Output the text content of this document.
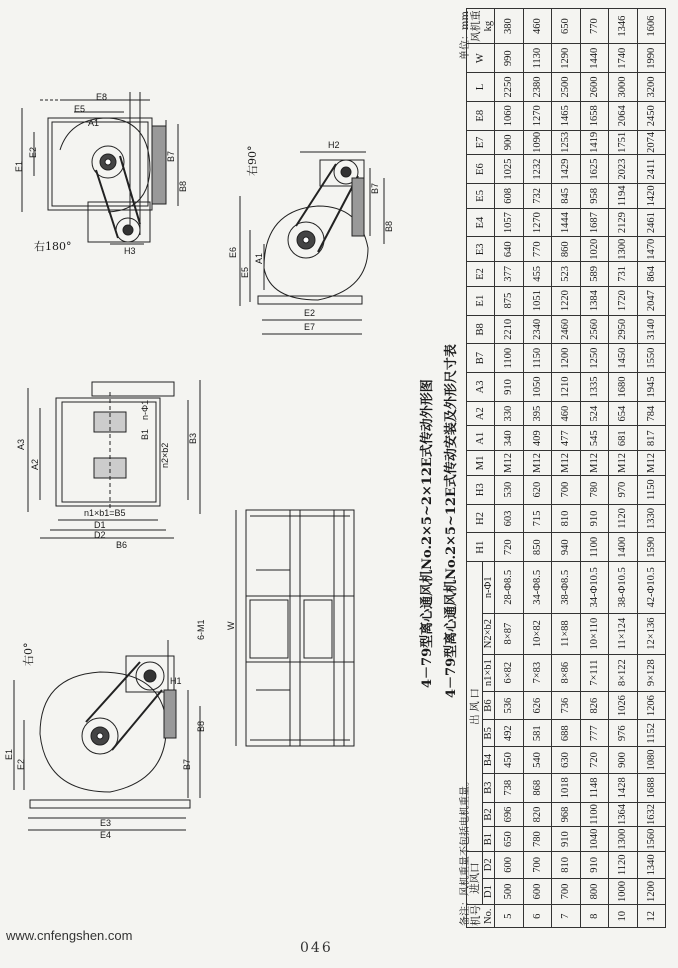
右180°
右90°
右0°
E8
E5
A1
E1
E2	B7
B8
H3
H2
E6
E5
A1
E2
E7
B7
B8
A3
A2
B1	B3
n-Φ1
n2×b2
n1×b1=B5
D1
D2
B6
W
E1
E2
E3
E4
H1
B7
B8
6-M1	4－79型离心通风机No.2×5~2×12E式传动外形图 4－79型离心通风机No.2×5~12E式传动安装及外形尺寸表
单位：mm
备注：风机重量不包括电机重量。 机号
No.	进风口		出 风 口									H1	H2	H3	M1	A1	A2	A3	B7	B8	E1	E2	E3	E4	E5	E6	E7	E8	L	W	风机重
kg
	D1	D2	B1	B2	B3	B4	B5	B6	n1×b1	N2×b2	n-Φ1																				
5	500	600	650	696	738	450	492	536	6×82	8×87	28-Φ8.5	720	603	530	M12	340	330	910	1100	2210	875	377	640	1057	608	1025	900	1060	2250	990	380
6	600	700	780	820	868	540	581	626	7×83	10×82	34-Φ8.5	850	715	620	M12	409	395	1050	1150	2340	1051	455	770	1270	732	1232	1090	1270	2380	1130	460
7	700	810	910	968	1018	630	688	736	8×86	11×88	38-Φ8.5	940	810	700	M12	477	460	1210	1200	2460	1220	523	860	1444	845	1429	1253	1465	2500	1290	650
8	800	910	1040	1100	1148	720	777	826	7×111	10×110	34-Φ10.5	1100	910	780	M12	545	524	1335	1250	2560	1384	589	1020	1687	958	1625	1419	1658	2600	1440	770
10	1000	1120	1300	1364	1428	900	976	1026	8×122	11×124	38-Φ10.5	1400	1120	970	M12	681	654	1680	1450	2950	1720	731	1300	2129	1194	2023	1751	2064	3000	1740	1346
12	1200	1340	1560	1632	1688	1080	1152	1206	9×128	12×136	42-Φ10.5	1590	1330	1150	M12	817	784	1945	1550	3140	2047	864	1470	2461	1420	2411	2074	2450	3200	1990	1606
www.cnfengshen.com
046
